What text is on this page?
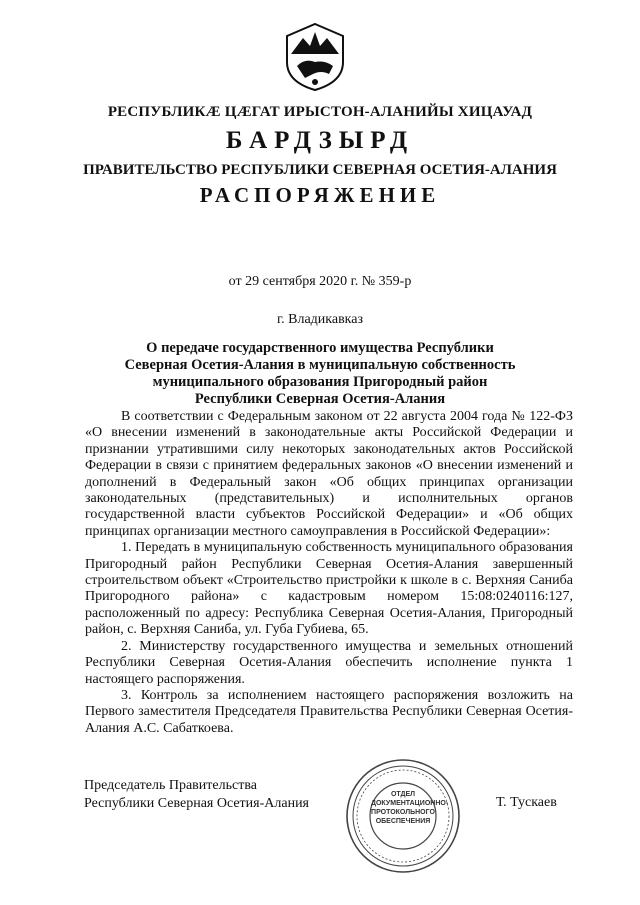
РЕСПУБЛИКӔ ЦӔГАТ ИРЫСТОН-АЛАНИЙЫ ХИЦАУАД
БАРДЗЫРД
ПРАВИТЕЛЬСТВО РЕСПУБЛИКИ СЕВЕРНАЯ ОСЕТИЯ-АЛАНИЯ
РАСПОРЯЖЕНИЕ
от 29 сентября 2020 г. № 359-р
г. Владикавказ
О передаче государственного имущества Республики Северная Осетия-Алания в муниципальную собственность муниципального образования Пригородный район Республики Северная Осетия-Алания

В соответствии с Федеральным законом от 22 августа 2004 года № 122-ФЗ «О внесении изменений в законодательные акты Российской Федерации и признании утратившими силу некоторых законодательных актов Российской Федерации в связи с принятием федеральных законов «О внесении изменений и дополнений в Федеральный закон «Об общих принципах организации законодательных (представительных) и исполнительных органов государственной власти субъектов Российской Федерации» и «Об общих принципах организации местного самоуправления в Российской Федерации»:

1. Передать в муниципальную собственность муниципального образования Пригородный район Республики Северная Осетия-Алания завершенный строительством объект «Строительство пристройки к школе в с. Верхняя Саниба Пригородного района» с кадастровым номером 15:08:0240116:127, расположенный по адресу: Республика Северная Осетия-Алания, Пригородный район, с. Верхняя Саниба, ул. Губа Губиева, 65.

2. Министерству государственного имущества и земельных отношений Республики Северная Осетия-Алания обеспечить исполнение пункта 1 настоящего распоряжения.

3. Контроль за исполнением настоящего распоряжения возложить на Первого заместителя Председателя Правительства Республики Северная Осетия-Алания А.С. Сабаткоева.

Председатель Правительства
Республики Северная Осетия-Алания
ОТДЕЛ ДОКУМЕНТАЦИОННО-ПРОТОКОЛЬНОГО ОБЕСПЕЧЕНИЯ
Т. Тускаев
